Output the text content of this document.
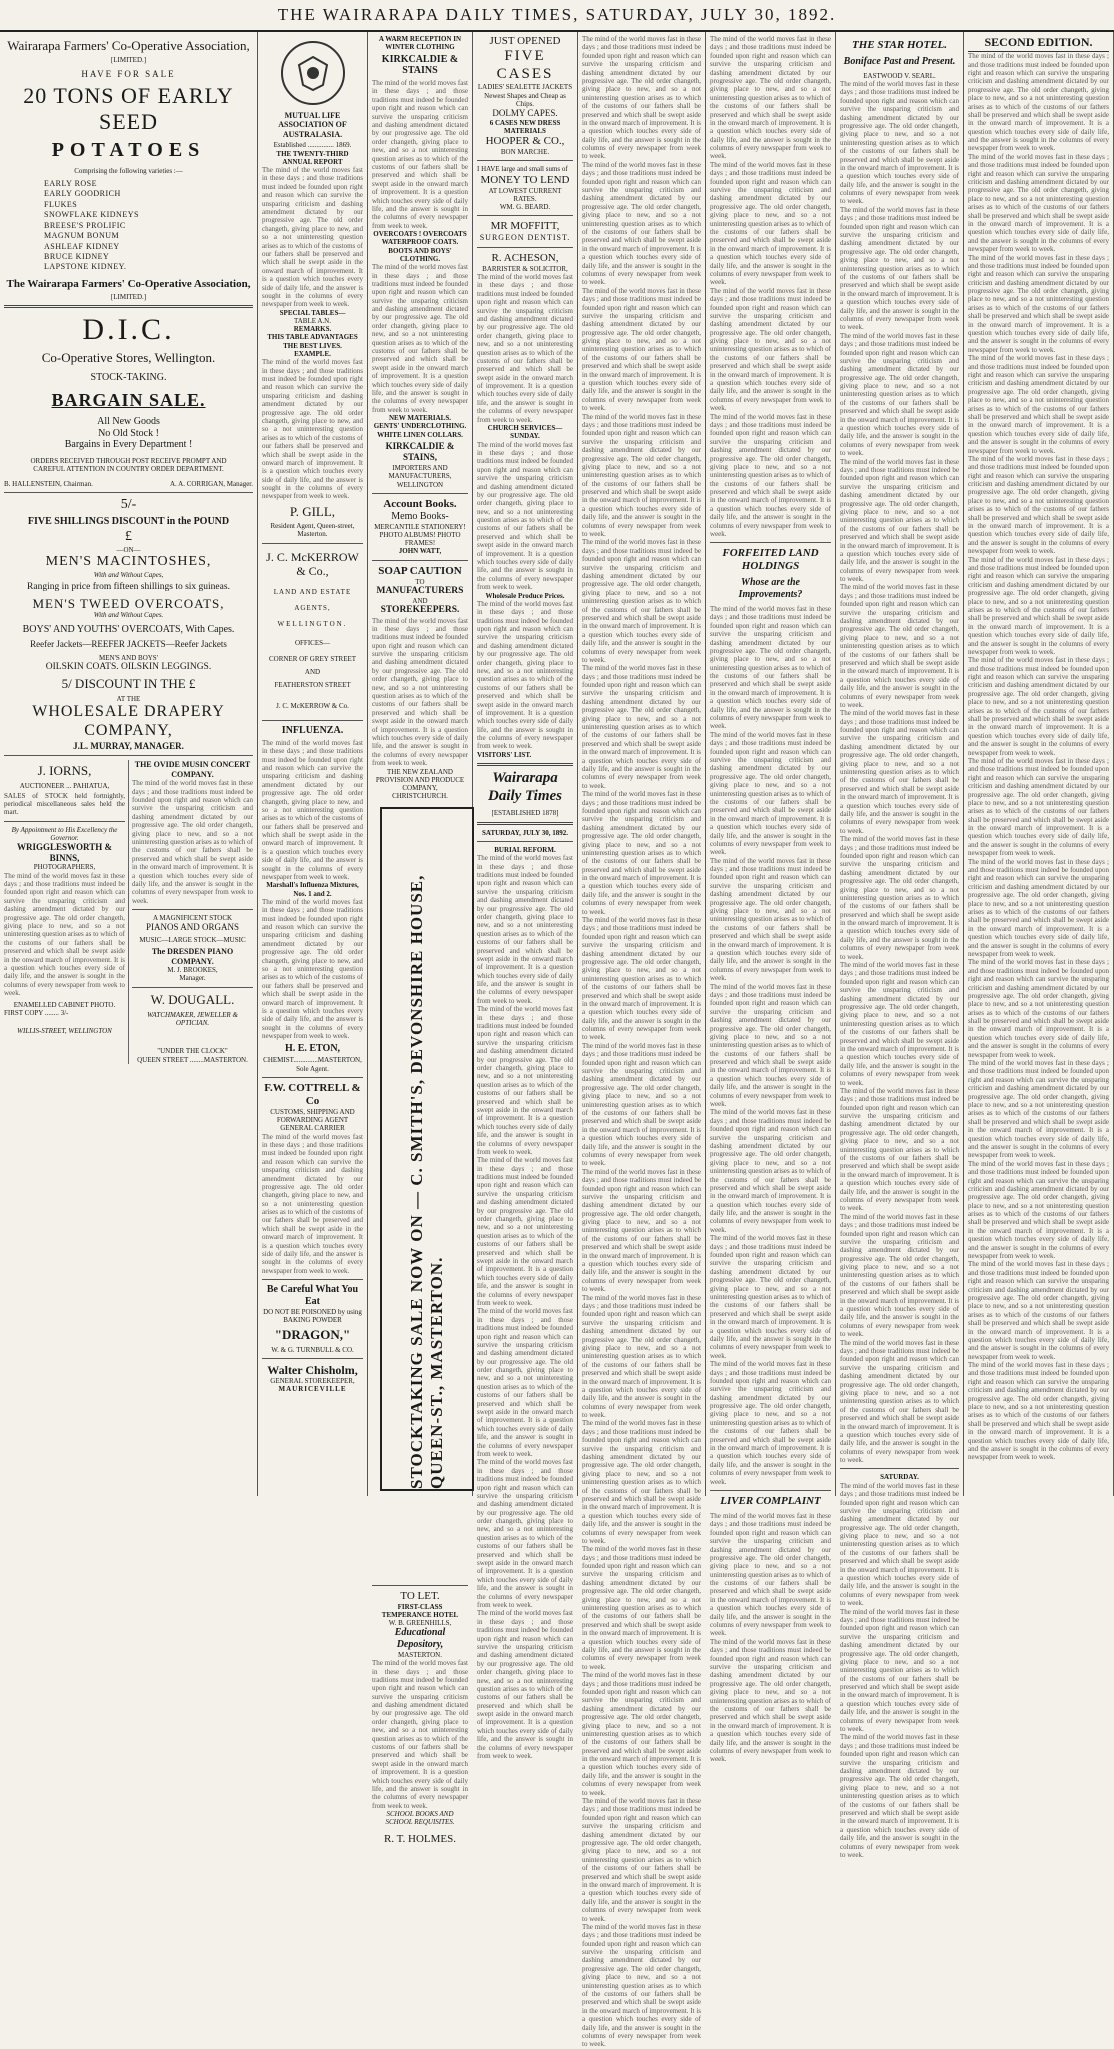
THE WAIRARAPA DAILY TIMES, SATURDAY, JULY 30, 1892.
Wairarapa Farmers' Co-Operative Association,
[LIMITED.]
HAVE FOR SALE
20 TONS OF EARLY SEED
POTATOES
Comprising the following varieties :—
EARLY ROSE
EARLY GOODRICH
FLUKES
SNOWFLAKE KIDNEYS
BREESE'S PROLIFIC
MAGNUM BONUM
ASHLEAF KIDNEY
BRUCE KIDNEY
LAPSTONE KIDNEY.
The Wairarapa Farmers' Co-Operative Association,
[LIMITED.]
D.I.C.
Co-Operative Stores, Wellington.
STOCK-TAKING.
BARGAIN SALE.
All New Goods
No Old Stock !
Bargains in Every Department !
ORDERS RECEIVED THROUGH POST RECEIVE PROMPT AND CAREFUL ATTENTION IN COUNTRY ORDER DEPARTMENT.
B. HALLENSTEIN, Chairman.	A. A. CORRIGAN, Manager.
5/-
FIVE SHILLINGS DISCOUNT in the POUND
£
—ON—
MEN'S MACINTOSHES,
With and Without Capes,
Ranging in price from fifteen shillings to six guineas.
MEN'S TWEED OVERCOATS,
With and Without Capes.
BOYS' AND YOUTHS' OVERCOATS, With Capes.
Reefer Jackets—REEFER JACKETS—Reefer Jackets
MEN'S AND BOYS'
OILSKIN COATS. OILSKIN LEGGINGS.
5/ DISCOUNT IN THE £
AT THE
WHOLESALE DRAPERY COMPANY,
J.L. MURRAY, MANAGER.
J. IORNS,
AUCTIONEER ... PAHIATUA,
SALES of STOCK held fortnightly, periodical miscellaneous sales held the mart.
By Appointment to His Excellency the Governor.
WRIGGLESWORTH & BINNS,
PHOTOGRAPHERS,
The mind of the world moves fast in these days ; and those traditions must indeed be founded upon right and reason which can survive the unsparing criticism and dashing amendment dictated by our progressive age. The old order changeth, giving place to new, and so a not uninteresting question arises as to which of the customs of our fathers shall be preserved and which shall be swept aside in the onward march of improvement. It is a question which touches every side of daily life, and the answer is sought in the columns of every newspaper from week to week.
ENAMELLED CABINET PHOTO.
FIRST COPY ........ 3/-
WILLIS-STREET, WELLINGTON
THE OVIDE MUSIN CONCERT COMPANY.
The mind of the world moves fast in these days ; and those traditions must indeed be founded upon right and reason which can survive the unsparing criticism and dashing amendment dictated by our progressive age. The old order changeth, giving place to new, and so a not uninteresting question arises as to which of the customs of our fathers shall be preserved and which shall be swept aside in the onward march of improvement. It is a question which touches every side of daily life, and the answer is sought in the columns of every newspaper from week to week.
A MAGNIFICENT STOCK
PIANOS AND ORGANS
MUSIC—LARGE STOCK—MUSIC
The DRESDEN PIANO COMPANY.
M. J. BROOKES,
Manager.
W. DOUGALL.
WATCHMAKER, JEWELLER & OPTICIAN.
"UNDER THE CLOCK"
QUEEN STREET ........MASTERTON.
MUTUAL LIFE ASSOCIATION OF AUSTRALASIA.
Established ............... 1869.
THE TWENTY-THIRD ANNUAL REPORT
The mind of the world moves fast in these days ; and those traditions must indeed be founded upon right and reason which can survive the unsparing criticism and dashing amendment dictated by our progressive age. The old order changeth, giving place to new, and so a not uninteresting question arises as to which of the customs of our fathers shall be preserved and which shall be swept aside in the onward march of improvement. It is a question which touches every side of daily life, and the answer is sought in the columns of every newspaper from week to week.
SPECIAL TABLES—
TABLE A.N.
REMARKS.
THIS TABLE ADVANTAGES THE BEST LIVES.
EXAMPLE.
The mind of the world moves fast in these days ; and those traditions must indeed be founded upon right and reason which can survive the unsparing criticism and dashing amendment dictated by our progressive age. The old order changeth, giving place to new, and so a not uninteresting question arises as to which of the customs of our fathers shall be preserved and which shall be swept aside in the onward march of improvement. It is a question which touches every side of daily life, and the answer is sought in the columns of every newspaper from week to week.
P. GILL,
Resident Agent, Queen-street, Masterton.
J. C. McKERROW & Co.,
LAND AND ESTATE
AGENTS,
WELLINGTON.
OFFICES—
CORNER OF GREY STREET
AND
FEATHERSTON STREET
J. C. McKERROW & Co.
INFLUENZA.
The mind of the world moves fast in these days ; and those traditions must indeed be founded upon right and reason which can survive the unsparing criticism and dashing amendment dictated by our progressive age. The old order changeth, giving place to new, and so a not uninteresting question arises as to which of the customs of our fathers shall be preserved and which shall be swept aside in the onward march of improvement. It is a question which touches every side of daily life, and the answer is sought in the columns of every newspaper from week to week.
Marshall's Influenza Mixtures, Nos. 1 and 2.
The mind of the world moves fast in these days ; and those traditions must indeed be founded upon right and reason which can survive the unsparing criticism and dashing amendment dictated by our progressive age. The old order changeth, giving place to new, and so a not uninteresting question arises as to which of the customs of our fathers shall be preserved and which shall be swept aside in the onward march of improvement. It is a question which touches every side of daily life, and the answer is sought in the columns of every newspaper from week to week.
H. E. ETON,
CHEMIST..............MASTERTON,
Sole Agent.
F.W. COTTRELL & Co
CUSTOMS, SHIPPING AND FORWARDING AGENT
GENERAL CARRIER
The mind of the world moves fast in these days ; and those traditions must indeed be founded upon right and reason which can survive the unsparing criticism and dashing amendment dictated by our progressive age. The old order changeth, giving place to new, and so a not uninteresting question arises as to which of the customs of our fathers shall be preserved and which shall be swept aside in the onward march of improvement. It is a question which touches every side of daily life, and the answer is sought in the columns of every newspaper from week to week.
Be Careful What You Eat
DO NOT BE POISONED by using BAKING POWDER
"DRAGON,"
W. & G. TURNBULL & CO.
Walter Chisholm,
GENERAL STOREKEEPER,
MAURICEVILLE
A WARM RECEPTION IN WINTER CLOTHING
KIRKCALDIE & STAINS
The mind of the world moves fast in these days ; and those traditions must indeed be founded upon right and reason which can survive the unsparing criticism and dashing amendment dictated by our progressive age. The old order changeth, giving place to new, and so a not uninteresting question arises as to which of the customs of our fathers shall be preserved and which shall be swept aside in the onward march of improvement. It is a question which touches every side of daily life, and the answer is sought in the columns of every newspaper from week to week.
OVERCOATS ! OVERCOATS
WATERPROOF COATS.
BOOTS AND BOYS' CLOTHING.
The mind of the world moves fast in these days ; and those traditions must indeed be founded upon right and reason which can survive the unsparing criticism and dashing amendment dictated by our progressive age. The old order changeth, giving place to new, and so a not uninteresting question arises as to which of the customs of our fathers shall be preserved and which shall be swept aside in the onward march of improvement. It is a question which touches every side of daily life, and the answer is sought in the columns of every newspaper from week to week.
NEW MATERIALS.
GENTS' UNDERCLOTHING.
WHITE LINEN COLLARS.
KIRKCALDIE & STAINS,
IMPORTERS AND MANUFACTURERS,
WELLINGTON
Account Books.
Memo Books-
MERCANTILE STATIONERY!
PHOTO ALBUMS! PHOTO FRAMES!
JOHN WATT,
SOAP CAUTION
TO
MANUFACTURERS
AND
STOREKEEPERS.
The mind of the world moves fast in these days ; and those traditions must indeed be founded upon right and reason which can survive the unsparing criticism and dashing amendment dictated by our progressive age. The old order changeth, giving place to new, and so a not uninteresting question arises as to which of the customs of our fathers shall be preserved and which shall be swept aside in the onward march of improvement. It is a question which touches every side of daily life, and the answer is sought in the columns of every newspaper from week to week.
THE NEW ZEALAND PROVISION AND PRODUCE COMPANY,
CHRISTCHURCH.
STOCKTAKING SALE NOW ON — C. SMITH'S, DEVONSHIRE HOUSE, QUEEN-ST., MASTERTON.
TO LET.
FIRST-CLASS TEMPERANCE HOTEL
W. B. GREENHILLS,
Educational Depository,
MASTERTON.
The mind of the world moves fast in these days ; and those traditions must indeed be founded upon right and reason which can survive the unsparing criticism and dashing amendment dictated by our progressive age. The old order changeth, giving place to new, and so a not uninteresting question arises as to which of the customs of our fathers shall be preserved and which shall be swept aside in the onward march of improvement. It is a question which touches every side of daily life, and the answer is sought in the columns of every newspaper from week to week.
SCHOOL BOOKS AND SCHOOL REQUISITES.
R. T. HOLMES.
JUST OPENED
FIVE CASES
LADIES' SEALETTE JACKETS
Newest Shapes and Cheap as Chips.
DOLMY CAPES.
6 CASES NEW DRESS MATERIALS
HOOPER & CO.,
BON MARCHE.
I HAVE large and small sums of
MONEY TO LEND
AT LOWEST CURRENT RATES.
WM. G. BEARD.
MR MOFFITT,
SURGEON DENTIST.
R. ACHESON,
BARRISTER & SOLICITOR,
The mind of the world moves fast in these days ; and those traditions must indeed be founded upon right and reason which can survive the unsparing criticism and dashing amendment dictated by our progressive age. The old order changeth, giving place to new, and so a not uninteresting question arises as to which of the customs of our fathers shall be preserved and which shall be swept aside in the onward march of improvement. It is a question which touches every side of daily life, and the answer is sought in the columns of every newspaper from week to week.
CHURCH SERVICES—SUNDAY.
The mind of the world moves fast in these days ; and those traditions must indeed be founded upon right and reason which can survive the unsparing criticism and dashing amendment dictated by our progressive age. The old order changeth, giving place to new, and so a not uninteresting question arises as to which of the customs of our fathers shall be preserved and which shall be swept aside in the onward march of improvement. It is a question which touches every side of daily life, and the answer is sought in the columns of every newspaper from week to week.
Wholesale Produce Prices.
The mind of the world moves fast in these days ; and those traditions must indeed be founded upon right and reason which can survive the unsparing criticism and dashing amendment dictated by our progressive age. The old order changeth, giving place to new, and so a not uninteresting question arises as to which of the customs of our fathers shall be preserved and which shall be swept aside in the onward march of improvement. It is a question which touches every side of daily life, and the answer is sought in the columns of every newspaper from week to week.
VISITORS' LIST.
Wairarapa Daily Times
[ESTABLISHED 1878]
SATURDAY, JULY 30, 1892.
BURIAL REFORM.
The mind of the world moves fast in these days ; and those traditions must indeed be founded upon right and reason which can survive the unsparing criticism and dashing amendment dictated by our progressive age. The old order changeth, giving place to new, and so a not uninteresting question arises as to which of the customs of our fathers shall be preserved and which shall be swept aside in the onward march of improvement. It is a question which touches every side of daily life, and the answer is sought in the columns of every newspaper from week to week.
The mind of the world moves fast in these days ; and those traditions must indeed be founded upon right and reason which can survive the unsparing criticism and dashing amendment dictated by our progressive age. The old order changeth, giving place to new, and so a not uninteresting question arises as to which of the customs of our fathers shall be preserved and which shall be swept aside in the onward march of improvement. It is a question which touches every side of daily life, and the answer is sought in the columns of every newspaper from week to week.
The mind of the world moves fast in these days ; and those traditions must indeed be founded upon right and reason which can survive the unsparing criticism and dashing amendment dictated by our progressive age. The old order changeth, giving place to new, and so a not uninteresting question arises as to which of the customs of our fathers shall be preserved and which shall be swept aside in the onward march of improvement. It is a question which touches every side of daily life, and the answer is sought in the columns of every newspaper from week to week.
The mind of the world moves fast in these days ; and those traditions must indeed be founded upon right and reason which can survive the unsparing criticism and dashing amendment dictated by our progressive age. The old order changeth, giving place to new, and so a not uninteresting question arises as to which of the customs of our fathers shall be preserved and which shall be swept aside in the onward march of improvement. It is a question which touches every side of daily life, and the answer is sought in the columns of every newspaper from week to week.
The mind of the world moves fast in these days ; and those traditions must indeed be founded upon right and reason which can survive the unsparing criticism and dashing amendment dictated by our progressive age. The old order changeth, giving place to new, and so a not uninteresting question arises as to which of the customs of our fathers shall be preserved and which shall be swept aside in the onward march of improvement. It is a question which touches every side of daily life, and the answer is sought in the columns of every newspaper from week to week.
The mind of the world moves fast in these days ; and those traditions must indeed be founded upon right and reason which can survive the unsparing criticism and dashing amendment dictated by our progressive age. The old order changeth, giving place to new, and so a not uninteresting question arises as to which of the customs of our fathers shall be preserved and which shall be swept aside in the onward march of improvement. It is a question which touches every side of daily life, and the answer is sought in the columns of every newspaper from week to week.
The mind of the world moves fast in these days ; and those traditions must indeed be founded upon right and reason which can survive the unsparing criticism and dashing amendment dictated by our progressive age. The old order changeth, giving place to new, and so a not uninteresting question arises as to which of the customs of our fathers shall be preserved and which shall be swept aside in the onward march of improvement. It is a question which touches every side of daily life, and the answer is sought in the columns of every newspaper from week to week.
The mind of the world moves fast in these days ; and those traditions must indeed be founded upon right and reason which can survive the unsparing criticism and dashing amendment dictated by our progressive age. The old order changeth, giving place to new, and so a not uninteresting question arises as to which of the customs of our fathers shall be preserved and which shall be swept aside in the onward march of improvement. It is a question which touches every side of daily life, and the answer is sought in the columns of every newspaper from week to week.
The mind of the world moves fast in these days ; and those traditions must indeed be founded upon right and reason which can survive the unsparing criticism and dashing amendment dictated by our progressive age. The old order changeth, giving place to new, and so a not uninteresting question arises as to which of the customs of our fathers shall be preserved and which shall be swept aside in the onward march of improvement. It is a question which touches every side of daily life, and the answer is sought in the columns of every newspaper from week to week.
The mind of the world moves fast in these days ; and those traditions must indeed be founded upon right and reason which can survive the unsparing criticism and dashing amendment dictated by our progressive age. The old order changeth, giving place to new, and so a not uninteresting question arises as to which of the customs of our fathers shall be preserved and which shall be swept aside in the onward march of improvement. It is a question which touches every side of daily life, and the answer is sought in the columns of every newspaper from week to week.
The mind of the world moves fast in these days ; and those traditions must indeed be founded upon right and reason which can survive the unsparing criticism and dashing amendment dictated by our progressive age. The old order changeth, giving place to new, and so a not uninteresting question arises as to which of the customs of our fathers shall be preserved and which shall be swept aside in the onward march of improvement. It is a question which touches every side of daily life, and the answer is sought in the columns of every newspaper from week to week.
The mind of the world moves fast in these days ; and those traditions must indeed be founded upon right and reason which can survive the unsparing criticism and dashing amendment dictated by our progressive age. The old order changeth, giving place to new, and so a not uninteresting question arises as to which of the customs of our fathers shall be preserved and which shall be swept aside in the onward march of improvement. It is a question which touches every side of daily life, and the answer is sought in the columns of every newspaper from week to week.
The mind of the world moves fast in these days ; and those traditions must indeed be founded upon right and reason which can survive the unsparing criticism and dashing amendment dictated by our progressive age. The old order changeth, giving place to new, and so a not uninteresting question arises as to which of the customs of our fathers shall be preserved and which shall be swept aside in the onward march of improvement. It is a question which touches every side of daily life, and the answer is sought in the columns of every newspaper from week to week.
The mind of the world moves fast in these days ; and those traditions must indeed be founded upon right and reason which can survive the unsparing criticism and dashing amendment dictated by our progressive age. The old order changeth, giving place to new, and so a not uninteresting question arises as to which of the customs of our fathers shall be preserved and which shall be swept aside in the onward march of improvement. It is a question which touches every side of daily life, and the answer is sought in the columns of every newspaper from week to week.
The mind of the world moves fast in these days ; and those traditions must indeed be founded upon right and reason which can survive the unsparing criticism and dashing amendment dictated by our progressive age. The old order changeth, giving place to new, and so a not uninteresting question arises as to which of the customs of our fathers shall be preserved and which shall be swept aside in the onward march of improvement. It is a question which touches every side of daily life, and the answer is sought in the columns of every newspaper from week to week.
The mind of the world moves fast in these days ; and those traditions must indeed be founded upon right and reason which can survive the unsparing criticism and dashing amendment dictated by our progressive age. The old order changeth, giving place to new, and so a not uninteresting question arises as to which of the customs of our fathers shall be preserved and which shall be swept aside in the onward march of improvement. It is a question which touches every side of daily life, and the answer is sought in the columns of every newspaper from week to week.
The mind of the world moves fast in these days ; and those traditions must indeed be founded upon right and reason which can survive the unsparing criticism and dashing amendment dictated by our progressive age. The old order changeth, giving place to new, and so a not uninteresting question arises as to which of the customs of our fathers shall be preserved and which shall be swept aside in the onward march of improvement. It is a question which touches every side of daily life, and the answer is sought in the columns of every newspaper from week to week.
The mind of the world moves fast in these days ; and those traditions must indeed be founded upon right and reason which can survive the unsparing criticism and dashing amendment dictated by our progressive age. The old order changeth, giving place to new, and so a not uninteresting question arises as to which of the customs of our fathers shall be preserved and which shall be swept aside in the onward march of improvement. It is a question which touches every side of daily life, and the answer is sought in the columns of every newspaper from week to week.
The mind of the world moves fast in these days ; and those traditions must indeed be founded upon right and reason which can survive the unsparing criticism and dashing amendment dictated by our progressive age. The old order changeth, giving place to new, and so a not uninteresting question arises as to which of the customs of our fathers shall be preserved and which shall be swept aside in the onward march of improvement. It is a question which touches every side of daily life, and the answer is sought in the columns of every newspaper from week to week.
The mind of the world moves fast in these days ; and those traditions must indeed be founded upon right and reason which can survive the unsparing criticism and dashing amendment dictated by our progressive age. The old order changeth, giving place to new, and so a not uninteresting question arises as to which of the customs of our fathers shall be preserved and which shall be swept aside in the onward march of improvement. It is a question which touches every side of daily life, and the answer is sought in the columns of every newspaper from week to week.
The mind of the world moves fast in these days ; and those traditions must indeed be founded upon right and reason which can survive the unsparing criticism and dashing amendment dictated by our progressive age. The old order changeth, giving place to new, and so a not uninteresting question arises as to which of the customs of our fathers shall be preserved and which shall be swept aside in the onward march of improvement. It is a question which touches every side of daily life, and the answer is sought in the columns of every newspaper from week to week.
The mind of the world moves fast in these days ; and those traditions must indeed be founded upon right and reason which can survive the unsparing criticism and dashing amendment dictated by our progressive age. The old order changeth, giving place to new, and so a not uninteresting question arises as to which of the customs of our fathers shall be preserved and which shall be swept aside in the onward march of improvement. It is a question which touches every side of daily life, and the answer is sought in the columns of every newspaper from week to week.
The mind of the world moves fast in these days ; and those traditions must indeed be founded upon right and reason which can survive the unsparing criticism and dashing amendment dictated by our progressive age. The old order changeth, giving place to new, and so a not uninteresting question arises as to which of the customs of our fathers shall be preserved and which shall be swept aside in the onward march of improvement. It is a question which touches every side of daily life, and the answer is sought in the columns of every newspaper from week to week.
The mind of the world moves fast in these days ; and those traditions must indeed be founded upon right and reason which can survive the unsparing criticism and dashing amendment dictated by our progressive age. The old order changeth, giving place to new, and so a not uninteresting question arises as to which of the customs of our fathers shall be preserved and which shall be swept aside in the onward march of improvement. It is a question which touches every side of daily life, and the answer is sought in the columns of every newspaper from week to week.
The mind of the world moves fast in these days ; and those traditions must indeed be founded upon right and reason which can survive the unsparing criticism and dashing amendment dictated by our progressive age. The old order changeth, giving place to new, and so a not uninteresting question arises as to which of the customs of our fathers shall be preserved and which shall be swept aside in the onward march of improvement. It is a question which touches every side of daily life, and the answer is sought in the columns of every newspaper from week to week.
The mind of the world moves fast in these days ; and those traditions must indeed be founded upon right and reason which can survive the unsparing criticism and dashing amendment dictated by our progressive age. The old order changeth, giving place to new, and so a not uninteresting question arises as to which of the customs of our fathers shall be preserved and which shall be swept aside in the onward march of improvement. It is a question which touches every side of daily life, and the answer is sought in the columns of every newspaper from week to week.
FORFEITED LAND HOLDINGS
Whose are the Improvements?
The mind of the world moves fast in these days ; and those traditions must indeed be founded upon right and reason which can survive the unsparing criticism and dashing amendment dictated by our progressive age. The old order changeth, giving place to new, and so a not uninteresting question arises as to which of the customs of our fathers shall be preserved and which shall be swept aside in the onward march of improvement. It is a question which touches every side of daily life, and the answer is sought in the columns of every newspaper from week to week.
The mind of the world moves fast in these days ; and those traditions must indeed be founded upon right and reason which can survive the unsparing criticism and dashing amendment dictated by our progressive age. The old order changeth, giving place to new, and so a not uninteresting question arises as to which of the customs of our fathers shall be preserved and which shall be swept aside in the onward march of improvement. It is a question which touches every side of daily life, and the answer is sought in the columns of every newspaper from week to week.
The mind of the world moves fast in these days ; and those traditions must indeed be founded upon right and reason which can survive the unsparing criticism and dashing amendment dictated by our progressive age. The old order changeth, giving place to new, and so a not uninteresting question arises as to which of the customs of our fathers shall be preserved and which shall be swept aside in the onward march of improvement. It is a question which touches every side of daily life, and the answer is sought in the columns of every newspaper from week to week.
The mind of the world moves fast in these days ; and those traditions must indeed be founded upon right and reason which can survive the unsparing criticism and dashing amendment dictated by our progressive age. The old order changeth, giving place to new, and so a not uninteresting question arises as to which of the customs of our fathers shall be preserved and which shall be swept aside in the onward march of improvement. It is a question which touches every side of daily life, and the answer is sought in the columns of every newspaper from week to week.
The mind of the world moves fast in these days ; and those traditions must indeed be founded upon right and reason which can survive the unsparing criticism and dashing amendment dictated by our progressive age. The old order changeth, giving place to new, and so a not uninteresting question arises as to which of the customs of our fathers shall be preserved and which shall be swept aside in the onward march of improvement. It is a question which touches every side of daily life, and the answer is sought in the columns of every newspaper from week to week.
The mind of the world moves fast in these days ; and those traditions must indeed be founded upon right and reason which can survive the unsparing criticism and dashing amendment dictated by our progressive age. The old order changeth, giving place to new, and so a not uninteresting question arises as to which of the customs of our fathers shall be preserved and which shall be swept aside in the onward march of improvement. It is a question which touches every side of daily life, and the answer is sought in the columns of every newspaper from week to week.
The mind of the world moves fast in these days ; and those traditions must indeed be founded upon right and reason which can survive the unsparing criticism and dashing amendment dictated by our progressive age. The old order changeth, giving place to new, and so a not uninteresting question arises as to which of the customs of our fathers shall be preserved and which shall be swept aside in the onward march of improvement. It is a question which touches every side of daily life, and the answer is sought in the columns of every newspaper from week to week.
LIVER COMPLAINT
The mind of the world moves fast in these days ; and those traditions must indeed be founded upon right and reason which can survive the unsparing criticism and dashing amendment dictated by our progressive age. The old order changeth, giving place to new, and so a not uninteresting question arises as to which of the customs of our fathers shall be preserved and which shall be swept aside in the onward march of improvement. It is a question which touches every side of daily life, and the answer is sought in the columns of every newspaper from week to week.
The mind of the world moves fast in these days ; and those traditions must indeed be founded upon right and reason which can survive the unsparing criticism and dashing amendment dictated by our progressive age. The old order changeth, giving place to new, and so a not uninteresting question arises as to which of the customs of our fathers shall be preserved and which shall be swept aside in the onward march of improvement. It is a question which touches every side of daily life, and the answer is sought in the columns of every newspaper from week to week.
THE STAR HOTEL.
Boniface Past and Present.
EASTWOOD V. SEARL.
The mind of the world moves fast in these days ; and those traditions must indeed be founded upon right and reason which can survive the unsparing criticism and dashing amendment dictated by our progressive age. The old order changeth, giving place to new, and so a not uninteresting question arises as to which of the customs of our fathers shall be preserved and which shall be swept aside in the onward march of improvement. It is a question which touches every side of daily life, and the answer is sought in the columns of every newspaper from week to week.
The mind of the world moves fast in these days ; and those traditions must indeed be founded upon right and reason which can survive the unsparing criticism and dashing amendment dictated by our progressive age. The old order changeth, giving place to new, and so a not uninteresting question arises as to which of the customs of our fathers shall be preserved and which shall be swept aside in the onward march of improvement. It is a question which touches every side of daily life, and the answer is sought in the columns of every newspaper from week to week.
The mind of the world moves fast in these days ; and those traditions must indeed be founded upon right and reason which can survive the unsparing criticism and dashing amendment dictated by our progressive age. The old order changeth, giving place to new, and so a not uninteresting question arises as to which of the customs of our fathers shall be preserved and which shall be swept aside in the onward march of improvement. It is a question which touches every side of daily life, and the answer is sought in the columns of every newspaper from week to week.
The mind of the world moves fast in these days ; and those traditions must indeed be founded upon right and reason which can survive the unsparing criticism and dashing amendment dictated by our progressive age. The old order changeth, giving place to new, and so a not uninteresting question arises as to which of the customs of our fathers shall be preserved and which shall be swept aside in the onward march of improvement. It is a question which touches every side of daily life, and the answer is sought in the columns of every newspaper from week to week.
The mind of the world moves fast in these days ; and those traditions must indeed be founded upon right and reason which can survive the unsparing criticism and dashing amendment dictated by our progressive age. The old order changeth, giving place to new, and so a not uninteresting question arises as to which of the customs of our fathers shall be preserved and which shall be swept aside in the onward march of improvement. It is a question which touches every side of daily life, and the answer is sought in the columns of every newspaper from week to week.
The mind of the world moves fast in these days ; and those traditions must indeed be founded upon right and reason which can survive the unsparing criticism and dashing amendment dictated by our progressive age. The old order changeth, giving place to new, and so a not uninteresting question arises as to which of the customs of our fathers shall be preserved and which shall be swept aside in the onward march of improvement. It is a question which touches every side of daily life, and the answer is sought in the columns of every newspaper from week to week.
The mind of the world moves fast in these days ; and those traditions must indeed be founded upon right and reason which can survive the unsparing criticism and dashing amendment dictated by our progressive age. The old order changeth, giving place to new, and so a not uninteresting question arises as to which of the customs of our fathers shall be preserved and which shall be swept aside in the onward march of improvement. It is a question which touches every side of daily life, and the answer is sought in the columns of every newspaper from week to week.
The mind of the world moves fast in these days ; and those traditions must indeed be founded upon right and reason which can survive the unsparing criticism and dashing amendment dictated by our progressive age. The old order changeth, giving place to new, and so a not uninteresting question arises as to which of the customs of our fathers shall be preserved and which shall be swept aside in the onward march of improvement. It is a question which touches every side of daily life, and the answer is sought in the columns of every newspaper from week to week.
The mind of the world moves fast in these days ; and those traditions must indeed be founded upon right and reason which can survive the unsparing criticism and dashing amendment dictated by our progressive age. The old order changeth, giving place to new, and so a not uninteresting question arises as to which of the customs of our fathers shall be preserved and which shall be swept aside in the onward march of improvement. It is a question which touches every side of daily life, and the answer is sought in the columns of every newspaper from week to week.
The mind of the world moves fast in these days ; and those traditions must indeed be founded upon right and reason which can survive the unsparing criticism and dashing amendment dictated by our progressive age. The old order changeth, giving place to new, and so a not uninteresting question arises as to which of the customs of our fathers shall be preserved and which shall be swept aside in the onward march of improvement. It is a question which touches every side of daily life, and the answer is sought in the columns of every newspaper from week to week.
The mind of the world moves fast in these days ; and those traditions must indeed be founded upon right and reason which can survive the unsparing criticism and dashing amendment dictated by our progressive age. The old order changeth, giving place to new, and so a not uninteresting question arises as to which of the customs of our fathers shall be preserved and which shall be swept aside in the onward march of improvement. It is a question which touches every side of daily life, and the answer is sought in the columns of every newspaper from week to week.
SATURDAY.
The mind of the world moves fast in these days ; and those traditions must indeed be founded upon right and reason which can survive the unsparing criticism and dashing amendment dictated by our progressive age. The old order changeth, giving place to new, and so a not uninteresting question arises as to which of the customs of our fathers shall be preserved and which shall be swept aside in the onward march of improvement. It is a question which touches every side of daily life, and the answer is sought in the columns of every newspaper from week to week.
The mind of the world moves fast in these days ; and those traditions must indeed be founded upon right and reason which can survive the unsparing criticism and dashing amendment dictated by our progressive age. The old order changeth, giving place to new, and so a not uninteresting question arises as to which of the customs of our fathers shall be preserved and which shall be swept aside in the onward march of improvement. It is a question which touches every side of daily life, and the answer is sought in the columns of every newspaper from week to week.
The mind of the world moves fast in these days ; and those traditions must indeed be founded upon right and reason which can survive the unsparing criticism and dashing amendment dictated by our progressive age. The old order changeth, giving place to new, and so a not uninteresting question arises as to which of the customs of our fathers shall be preserved and which shall be swept aside in the onward march of improvement. It is a question which touches every side of daily life, and the answer is sought in the columns of every newspaper from week to week.
SECOND EDITION.
The mind of the world moves fast in these days ; and those traditions must indeed be founded upon right and reason which can survive the unsparing criticism and dashing amendment dictated by our progressive age. The old order changeth, giving place to new, and so a not uninteresting question arises as to which of the customs of our fathers shall be preserved and which shall be swept aside in the onward march of improvement. It is a question which touches every side of daily life, and the answer is sought in the columns of every newspaper from week to week.
The mind of the world moves fast in these days ; and those traditions must indeed be founded upon right and reason which can survive the unsparing criticism and dashing amendment dictated by our progressive age. The old order changeth, giving place to new, and so a not uninteresting question arises as to which of the customs of our fathers shall be preserved and which shall be swept aside in the onward march of improvement. It is a question which touches every side of daily life, and the answer is sought in the columns of every newspaper from week to week.
The mind of the world moves fast in these days ; and those traditions must indeed be founded upon right and reason which can survive the unsparing criticism and dashing amendment dictated by our progressive age. The old order changeth, giving place to new, and so a not uninteresting question arises as to which of the customs of our fathers shall be preserved and which shall be swept aside in the onward march of improvement. It is a question which touches every side of daily life, and the answer is sought in the columns of every newspaper from week to week.
The mind of the world moves fast in these days ; and those traditions must indeed be founded upon right and reason which can survive the unsparing criticism and dashing amendment dictated by our progressive age. The old order changeth, giving place to new, and so a not uninteresting question arises as to which of the customs of our fathers shall be preserved and which shall be swept aside in the onward march of improvement. It is a question which touches every side of daily life, and the answer is sought in the columns of every newspaper from week to week.
The mind of the world moves fast in these days ; and those traditions must indeed be founded upon right and reason which can survive the unsparing criticism and dashing amendment dictated by our progressive age. The old order changeth, giving place to new, and so a not uninteresting question arises as to which of the customs of our fathers shall be preserved and which shall be swept aside in the onward march of improvement. It is a question which touches every side of daily life, and the answer is sought in the columns of every newspaper from week to week.
The mind of the world moves fast in these days ; and those traditions must indeed be founded upon right and reason which can survive the unsparing criticism and dashing amendment dictated by our progressive age. The old order changeth, giving place to new, and so a not uninteresting question arises as to which of the customs of our fathers shall be preserved and which shall be swept aside in the onward march of improvement. It is a question which touches every side of daily life, and the answer is sought in the columns of every newspaper from week to week.
The mind of the world moves fast in these days ; and those traditions must indeed be founded upon right and reason which can survive the unsparing criticism and dashing amendment dictated by our progressive age. The old order changeth, giving place to new, and so a not uninteresting question arises as to which of the customs of our fathers shall be preserved and which shall be swept aside in the onward march of improvement. It is a question which touches every side of daily life, and the answer is sought in the columns of every newspaper from week to week.
The mind of the world moves fast in these days ; and those traditions must indeed be founded upon right and reason which can survive the unsparing criticism and dashing amendment dictated by our progressive age. The old order changeth, giving place to new, and so a not uninteresting question arises as to which of the customs of our fathers shall be preserved and which shall be swept aside in the onward march of improvement. It is a question which touches every side of daily life, and the answer is sought in the columns of every newspaper from week to week.
The mind of the world moves fast in these days ; and those traditions must indeed be founded upon right and reason which can survive the unsparing criticism and dashing amendment dictated by our progressive age. The old order changeth, giving place to new, and so a not uninteresting question arises as to which of the customs of our fathers shall be preserved and which shall be swept aside in the onward march of improvement. It is a question which touches every side of daily life, and the answer is sought in the columns of every newspaper from week to week.
The mind of the world moves fast in these days ; and those traditions must indeed be founded upon right and reason which can survive the unsparing criticism and dashing amendment dictated by our progressive age. The old order changeth, giving place to new, and so a not uninteresting question arises as to which of the customs of our fathers shall be preserved and which shall be swept aside in the onward march of improvement. It is a question which touches every side of daily life, and the answer is sought in the columns of every newspaper from week to week.
The mind of the world moves fast in these days ; and those traditions must indeed be founded upon right and reason which can survive the unsparing criticism and dashing amendment dictated by our progressive age. The old order changeth, giving place to new, and so a not uninteresting question arises as to which of the customs of our fathers shall be preserved and which shall be swept aside in the onward march of improvement. It is a question which touches every side of daily life, and the answer is sought in the columns of every newspaper from week to week.
The mind of the world moves fast in these days ; and those traditions must indeed be founded upon right and reason which can survive the unsparing criticism and dashing amendment dictated by our progressive age. The old order changeth, giving place to new, and so a not uninteresting question arises as to which of the customs of our fathers shall be preserved and which shall be swept aside in the onward march of improvement. It is a question which touches every side of daily life, and the answer is sought in the columns of every newspaper from week to week.
The mind of the world moves fast in these days ; and those traditions must indeed be founded upon right and reason which can survive the unsparing criticism and dashing amendment dictated by our progressive age. The old order changeth, giving place to new, and so a not uninteresting question arises as to which of the customs of our fathers shall be preserved and which shall be swept aside in the onward march of improvement. It is a question which touches every side of daily life, and the answer is sought in the columns of every newspaper from week to week.
The mind of the world moves fast in these days ; and those traditions must indeed be founded upon right and reason which can survive the unsparing criticism and dashing amendment dictated by our progressive age. The old order changeth, giving place to new, and so a not uninteresting question arises as to which of the customs of our fathers shall be preserved and which shall be swept aside in the onward march of improvement. It is a question which touches every side of daily life, and the answer is sought in the columns of every newspaper from week to week.
